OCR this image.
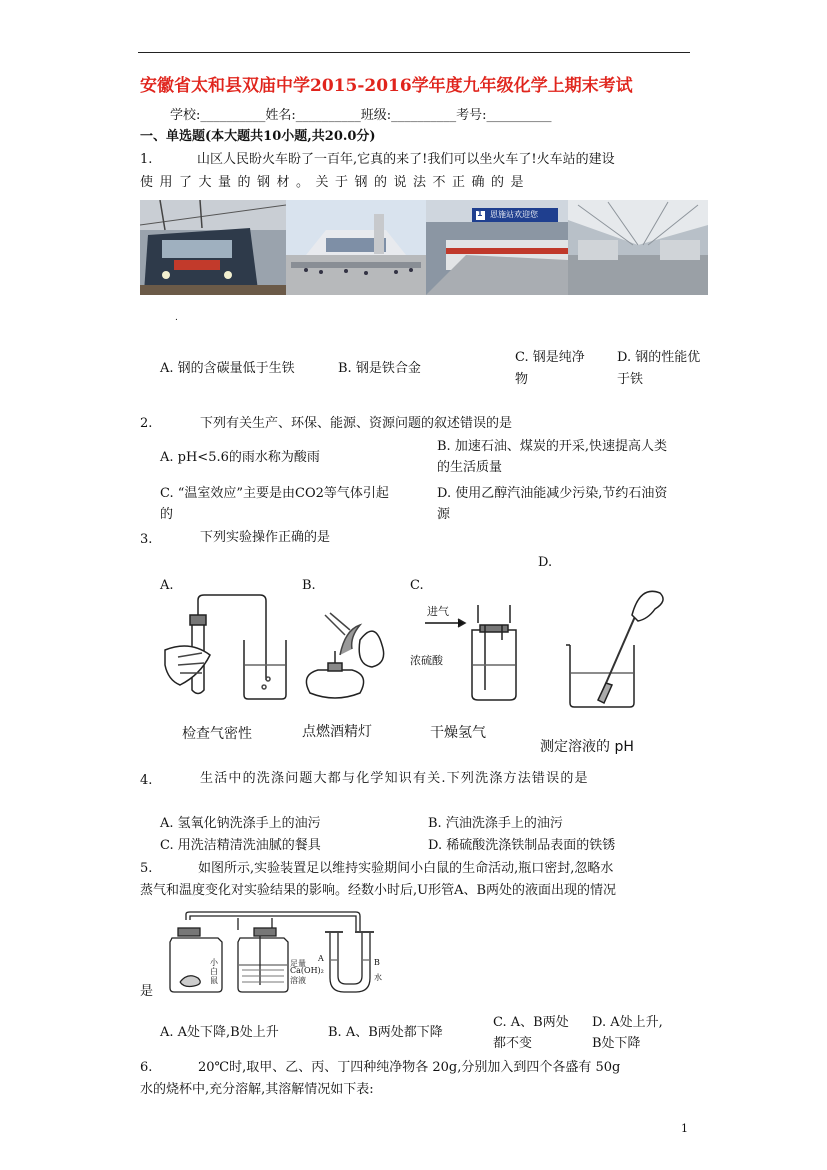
安徽省太和县双庙中学2015-2016学年度九年级化学上期末考试
学校:__________姓名:__________班级:__________考号:__________
一、单选题(本大题共10小题,共20.0分)
1.	山区人民盼火车盼了一百年,它真的来了!我们可以坐火车了!火车站的建设
使用了大量的钢材。关于钢的说法不正确的是
1 恩施站欢迎您
.
A. 钢的含碳量低于生铁	B. 钢是铁合金
C. 钢是纯净
物
D. 钢的性能优
于铁
2.	下列有关生产、环保、能源、资源问题的叙述错误的是
A. pH<5.6的雨水称为酸雨
B. 加速石油、煤炭的开采,快速提高人类
的生活质量
C. “温室效应”主要是由CO2等气体引起
的
D. 使用乙醇汽油能减少污染,节约石油资
源
3.	下列实验操作正确的是
D.
A.	B.	C.
检查气密性	点燃酒精灯	干燥氢气
测定溶液的 pH
进气
浓硫酸
4.	生活中的洗涤问题大都与化学知识有关.下列洗涤方法错误的是
A. 氢氧化钠洗涤手上的油污	B. 汽油洗涤手上的油污
C. 用洗洁精清洗油腻的餐具	D. 稀硫酸洗涤铁制品表面的铁锈
5.	如图所示,实验装置足以维持实验期间小白鼠的生命活动,瓶口密封,忽略水
蒸气和温度变化对实验结果的影响。经数小时后,U形管A、B两处的液面出现的情况
小白鼠
足量
Ca(OH)₂
溶液
A	B
水
是
A. A处下降,B处上升	B. A、B两处都下降
C. A、B两处
都不变
D. A处上升,
B处下降
6.	20℃时,取甲、乙、丙、丁四种纯净物各 20g,分别加入到四个各盛有 50g
水的烧杯中,充分溶解,其溶解情况如下表:
1
